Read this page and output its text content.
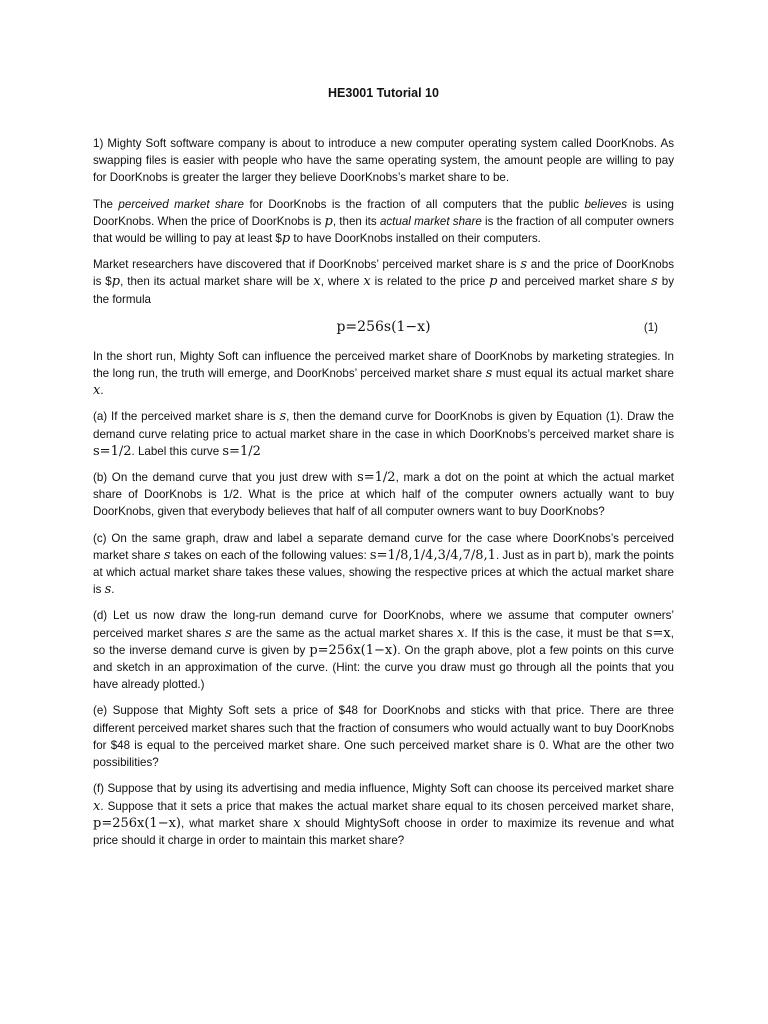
HE3001 Tutorial 10

1) Mighty Soft software company is about to introduce a new computer operating system called DoorKnobs. As swapping files is easier with people who have the same operating system, the amount people are willing to pay for DoorKnobs is greater the larger they believe DoorKnobs’s market share to be.

The perceived market share for DoorKnobs is the fraction of all computers that the public believes is using DoorKnobs. When the price of DoorKnobs is p, then its actual market share is the fraction of all computer owners that would be willing to pay at least $p to have DoorKnobs installed on their computers.

Market researchers have discovered that if DoorKnobs’ perceived market share is s and the price of DoorKnobs is $p, then its actual market share will be x, where x is related to the price p and perceived market share s by the formula

p=256s(1−x)	(1)

In the short run, Mighty Soft can influence the perceived market share of DoorKnobs by marketing strategies. In the long run, the truth will emerge, and DoorKnobs’ perceived market share s must equal its actual market share x.

(a) If the perceived market share is s, then the demand curve for DoorKnobs is given by Equation (1). Draw the demand curve relating price to actual market share in the case in which DoorKnobs’s perceived market share is s=1/2. Label this curve s=1/2

(b) On the demand curve that you just drew with s=1/2, mark a dot on the point at which the actual market share of DoorKnobs is 1/2. What is the price at which half of the computer owners actually want to buy DoorKnobs, given that everybody believes that half of all computer owners want to buy DoorKnobs?

(c) On the same graph, draw and label a separate demand curve for the case where DoorKnobs’s perceived market share s takes on each of the following values: s=1/8,1/4,3/4,7/8,1. Just as in part b), mark the points at which actual market share takes these values, showing the respective prices at which the actual market share is s.

(d) Let us now draw the long-run demand curve for DoorKnobs, where we assume that computer owners’ perceived market shares s are the same as the actual market shares x. If this is the case, it must be that s=x, so the inverse demand curve is given by p=256x(1−x). On the graph above, plot a few points on this curve and sketch in an approximation of the curve. (Hint: the curve you draw must go through all the points that you have already plotted.)

(e) Suppose that Mighty Soft sets a price of $48 for DoorKnobs and sticks with that price. There are three different perceived market shares such that the fraction of consumers who would actually want to buy DoorKnobs for $48 is equal to the perceived market share. One such perceived market share is 0. What are the other two possibilities?

(f) Suppose that by using its advertising and media influence, Mighty Soft can choose its perceived market share x. Suppose that it sets a price that makes the actual market share equal to its chosen perceived market share, p=256x(1−x), what market share x should MightySoft choose in order to maximize its revenue and what price should it charge in order to maintain this market share?
